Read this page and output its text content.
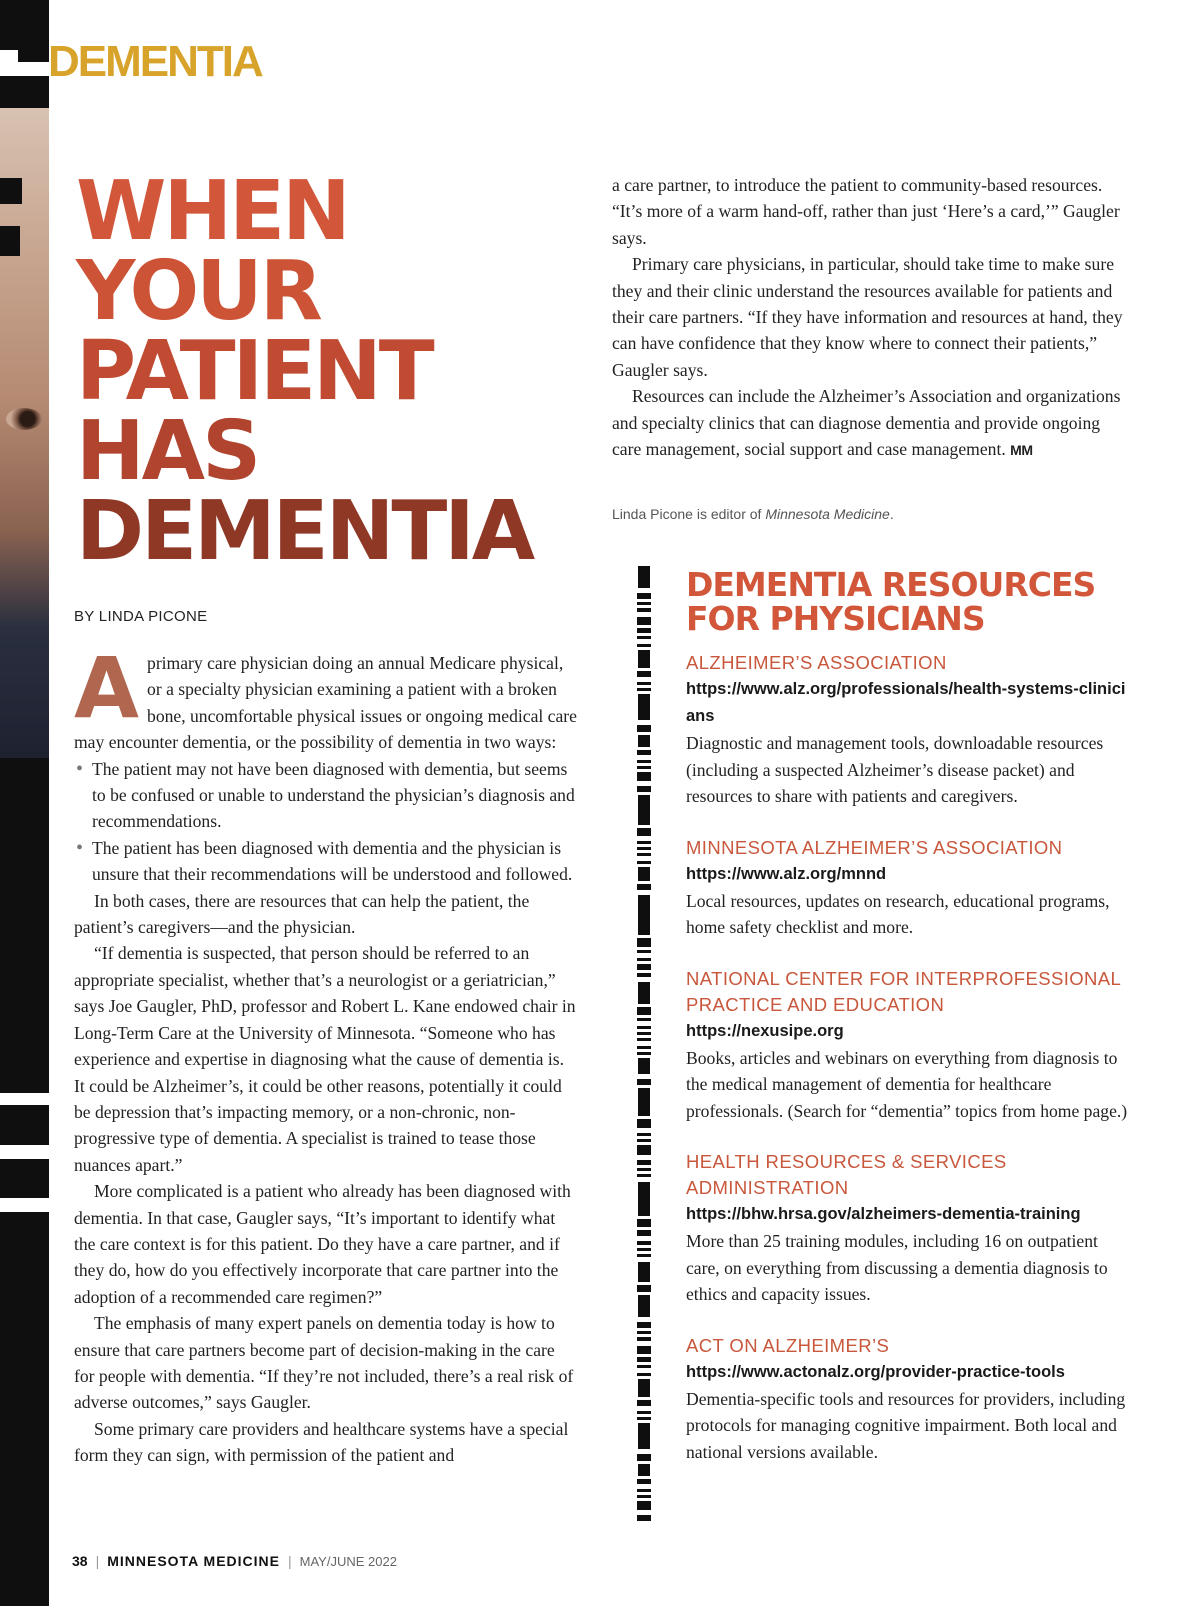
DEMENTIA
WHEN
YOUR
PATIENT
HAS
DEMENTIA
BY LINDA PICONE

Aprimary care physician doing an annual Medicare physical, or a specialty physician examining a patient with a broken bone, uncomfortable physical issues or ongoing medical care may encounter dementia, or the possibility of dementia in two ways:

• The patient may not have been diagnosed with dementia, but seems to be confused or unable to understand the physician’s diagnosis and recommendations.
• The patient has been diagnosed with dementia and the physician is unsure that their recommendations will be understood and followed.

In both cases, there are resources that can help the patient, the patient’s caregivers—and the physician.

“If dementia is suspected, that person should be referred to an appropriate specialist, whether that’s a neurologist or a geriatrician,” says Joe Gaugler, PhD, professor and Robert L. Kane endowed chair in Long-Term Care at the University of Minnesota. “Someone who has experience and expertise in diagnosing what the cause of dementia is. It could be Alzheimer’s, it could be other reasons, potentially it could be depression that’s impacting memory, or a non-chronic, non-progressive type of dementia. A specialist is trained to tease those nuances apart.”

More complicated is a patient who already has been diagnosed with dementia. In that case, Gaugler says, “It’s important to identify what the care context is for this patient. Do they have a care partner, and if they do, how do you effectively incorporate that care partner into the adoption of a recommended care regimen?”

The emphasis of many expert panels on dementia today is how to ensure that care partners become part of decision-making in the care for people with dementia. “If they’re not included, there’s a real risk of adverse outcomes,” says Gaugler.

Some primary care providers and healthcare systems have a special form they can sign, with permission of the patient and

a care partner, to introduce the patient to community-based resources. “It’s more of a warm hand-off, rather than just ‘Here’s a card,’” Gaugler says.

Primary care physicians, in particular, should take time to make sure they and their clinic understand the resources available for patients and their care partners. “If they have information and resources at hand, they can have confidence that they know where to connect their patients,” Gaugler says.

Resources can include the Alzheimer’s Association and organizations and specialty clinics that can diagnose dementia and provide ongoing care management, social support and case management. MM

Linda Picone is editor of Minnesota Medicine.
DEMENTIA RESOURCES FOR PHYSICIANS
ALZHEIMER’S ASSOCIATION
https://www.alz.org/professionals/health-systems-clinicians
Diagnostic and management tools, downloadable resources (including a suspected Alzheimer’s disease packet) and resources to share with patients and caregivers.
MINNESOTA ALZHEIMER’S ASSOCIATION
https://www.alz.org/mnnd
Local resources, updates on research, educational programs, home safety checklist and more.
NATIONAL CENTER FOR INTERPROFESSIONAL PRACTICE AND EDUCATION
https://nexusipe.org
Books, articles and webinars on everything from diagnosis to the medical management of dementia for healthcare professionals. (Search for “dementia” topics from home page.)
HEALTH RESOURCES & SERVICES ADMINISTRATION
https://bhw.hrsa.gov/alzheimers-dementia-training
More than 25 training modules, including 16 on outpatient care, on everything from discussing a dementia diagnosis to ethics and capacity issues.
ACT ON ALZHEIMER’S
https://www.actonalz.org/provider-practice-tools
Dementia-specific tools and resources for providers, including protocols for managing cognitive impairment. Both local and national versions available.
38 | MINNESOTA MEDICINE | MAY/JUNE 2022
